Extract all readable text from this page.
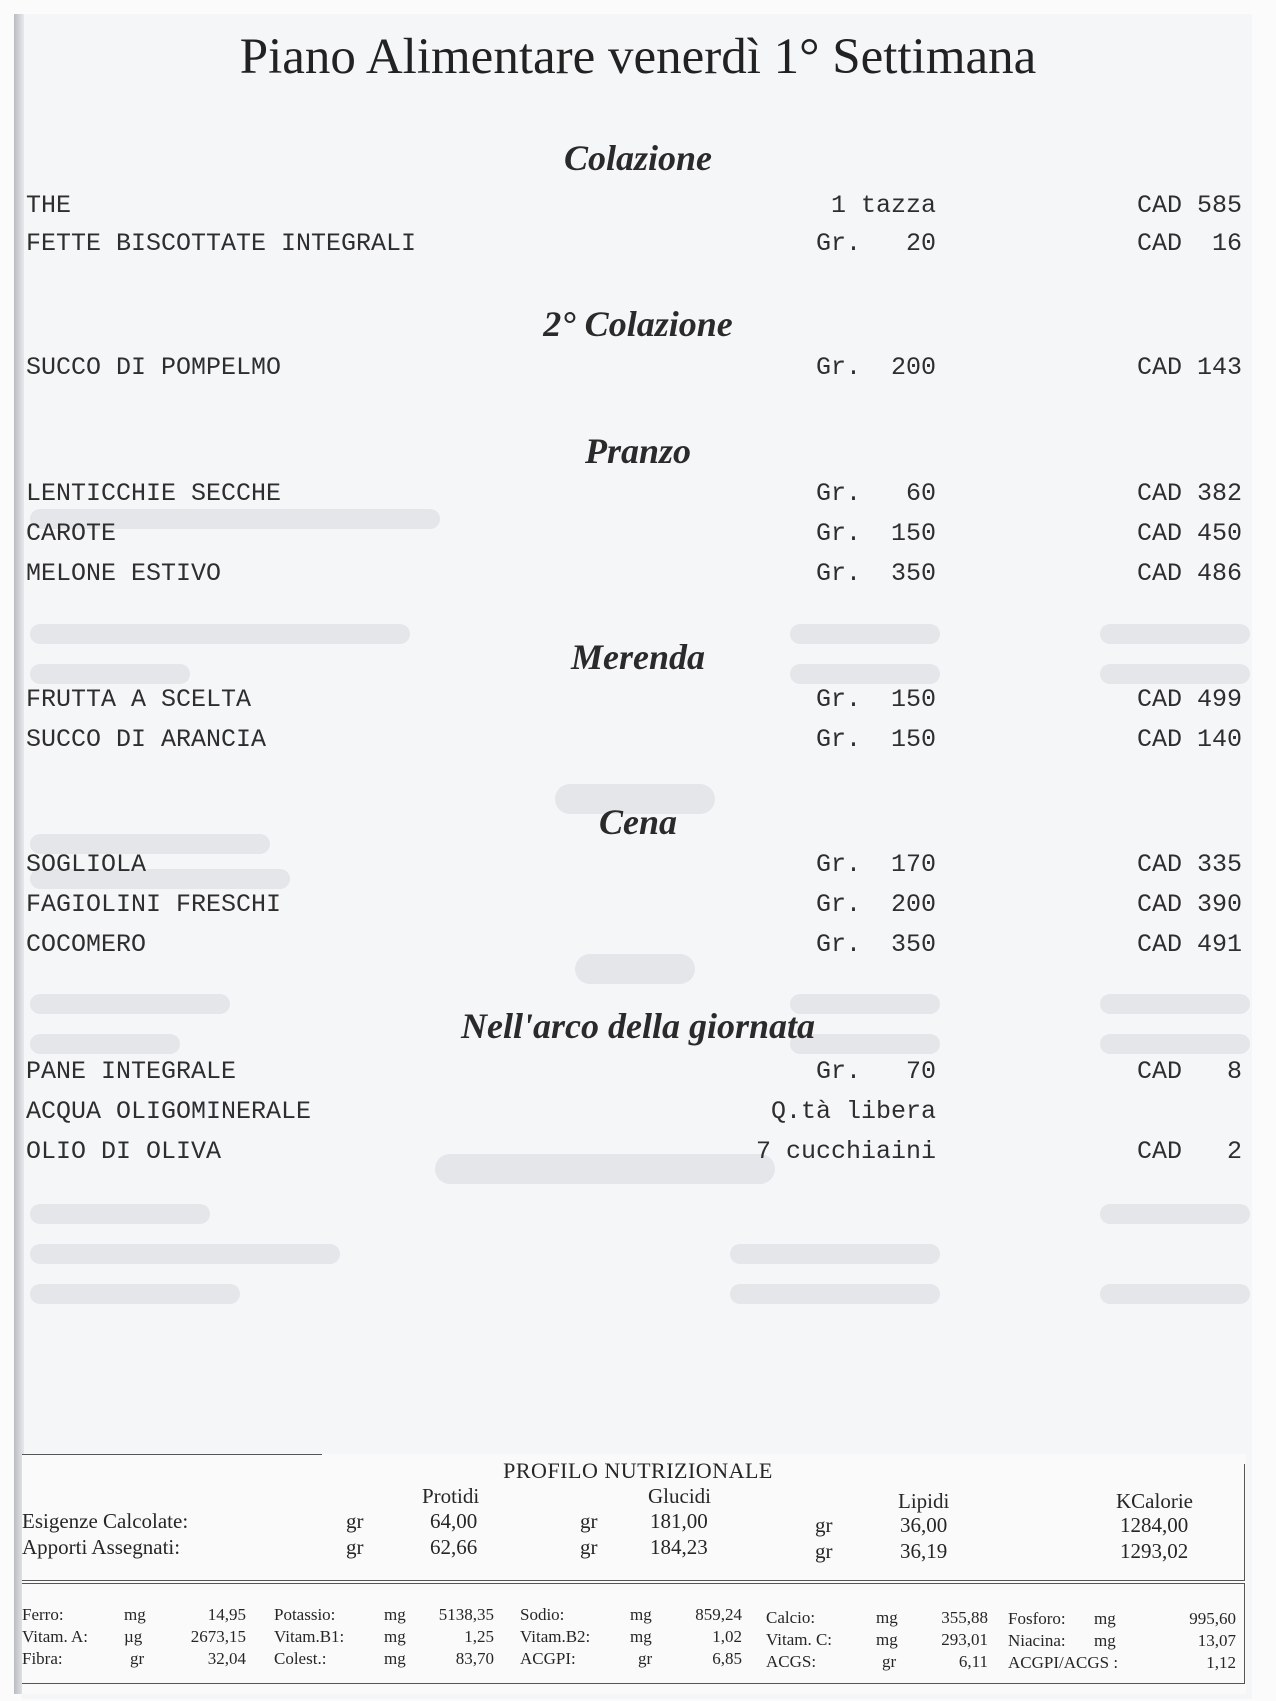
Piano Alimentare venerdì 1° Settimana
Colazione
THE	1 tazza	CAD 585
FETTE BISCOTTATE INTEGRALI	Gr.   20	CAD  16
2° Colazione
SUCCO DI POMPELMO	Gr.  200	CAD 143
Pranzo
LENTICCHIE SECCHE	Gr.   60	CAD 382
CAROTE	Gr.  150	CAD 450
MELONE ESTIVO	Gr.  350	CAD 486
Merenda
FRUTTA A SCELTA	Gr.  150	CAD 499
SUCCO DI ARANCIA	Gr.  150	CAD 140
Cena
SOGLIOLA	Gr.  170	CAD 335
FAGIOLINI FRESCHI	Gr.  200	CAD 390
COCOMERO	Gr.  350	CAD 491
Nell'arco della giornata
PANE INTEGRALE	Gr.   70	CAD   8
ACQUA OLIGOMINERALE	Q.tà libera
OLIO DI OLIVA	7 cucchiaini	CAD   2
PROFILO NUTRIZIONALE
Protidi	Glucidi	Lipidi	KCalorie
Esigenze Calcolate:	gr	64,00	gr	181,00	gr	36,00	1284,00
Apporti Assegnati:	gr	62,66	gr	184,23	gr	36,19	1293,02
Ferro:	mg	14,95
Vitam. A: µg	2673,15
Fibra:	gr	32,04
Potassio:	mg	5138,35
Vitam.B1: mg	1,25
Colest.:	mg	83,70
Sodio:	mg	859,24
Vitam.B2: mg	1,02
ACGPI:	gr	6,85
Calcio:	mg	355,88
Vitam. C:	mg	293,01
ACGS:	gr	6,11
Fosforo: mg	995,60
Niacina: mg	13,07
ACGPI/ACGS :	1,12
